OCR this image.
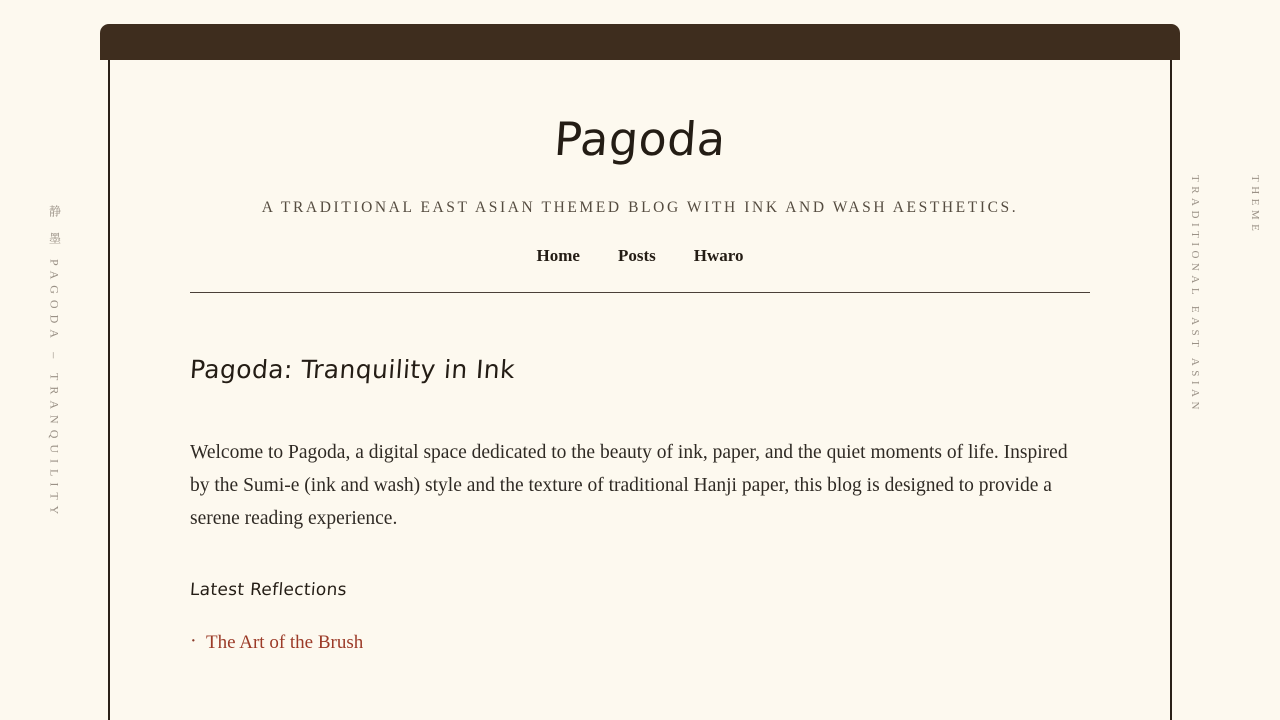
静 墨 PAGODA – TRANQUILITY	TRADITIONAL EAST ASIAN	THEME
Pagoda

A TRADITIONAL EAST ASIAN THEMED BLOG WITH INK AND WASH AESTHETICS.

Home Posts Hwaro
Pagoda: Tranquility in Ink

Welcome to Pagoda, a digital space dedicated to the beauty of ink, paper, and the quiet moments of life. Inspired by the Sumi-e (ink and wash) style and the texture of traditional Hanji paper, this blog is designed to provide a serene reading experience.

Latest Reflections
· The Art of the Brush
